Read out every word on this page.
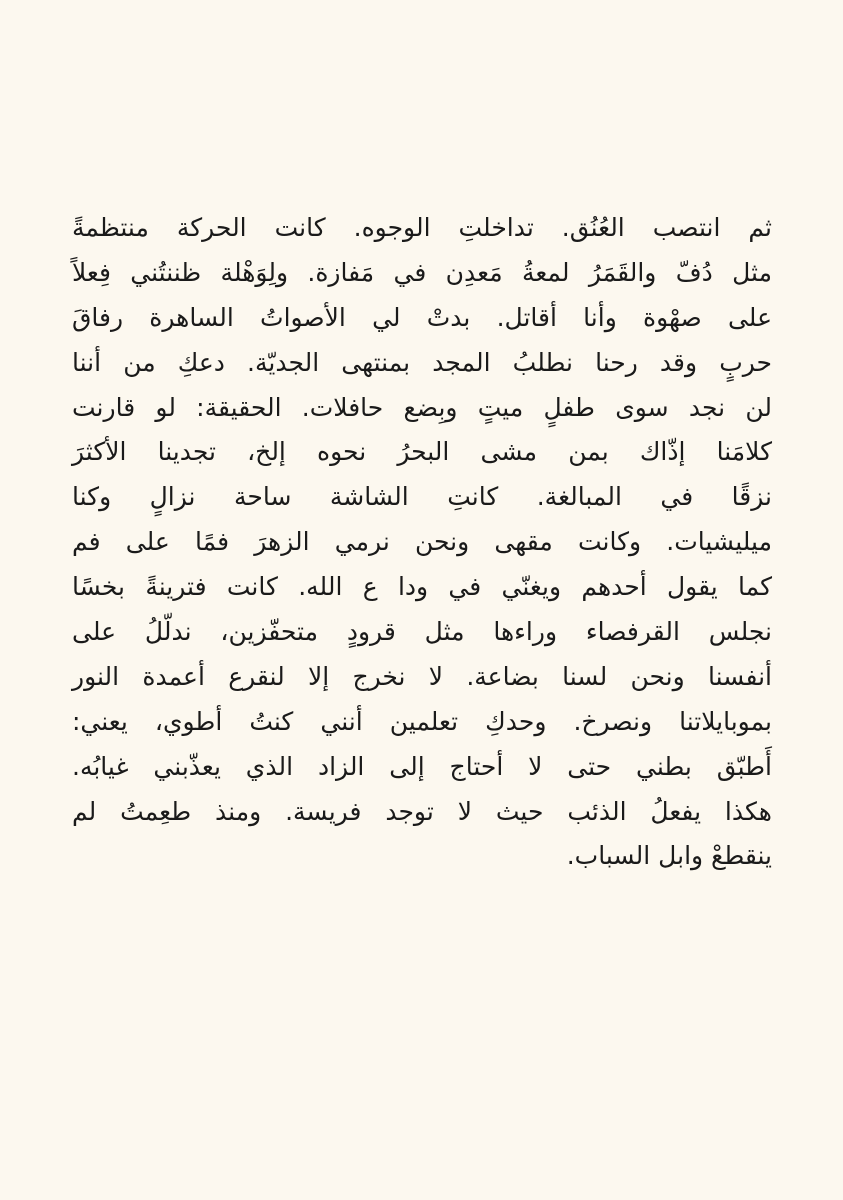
ثم انتصب العُنُق. تداخلتِ الوجوه. كانت الحركة منتظمةً
مثل دُفّ والقَمَرُ لمعةُ مَعدِن في مَفازة. ولِوَهْلة ظننتُني فِعلاً
على صهْوة وأنا أقاتل. بدتْ لي الأصواتُ الساهرة رفاقَ
حربٍ وقد رحنا نطلبُ المجد بمنتهى الجديّة. دعكِ من أننا
لن نجد سوى طفلٍ ميتٍ وبِضع حافلات. الحقيقة: لو قارنت
كلامَنا إذّاك بمن مشى البحرُ نحوه إلخ، تجدينا الأكثرَ
نزقًا في المبالغة. كانتِ الشاشة ساحة نزالٍ وكنا
ميليشيات. وكانت مقهى ونحن نرمي الزهرَ فمًا على فم
كما يقول أحدهم ويغنّي في ودا ع الله. كانت فترينةً بخسًا
نجلس القرفصاء وراءها مثل قرودٍ متحفّزين، ندلّلُ على
أنفسنا ونحن لسنا بضاعة. لا نخرج إلا لنقرع أعمدة النور
بموبايلاتنا ونصرخ. وحدكِ تعلمين أنني كنتُ أطوي، يعني:
أَطبّق بطني حتى لا أحتاج إلى الزاد الذي يعذّبني غيابُه.
هكذا يفعلُ الذئب حيث لا توجد فريسة. ومنذ طعِمتُ لم
ينقطعْ وابل السباب.
